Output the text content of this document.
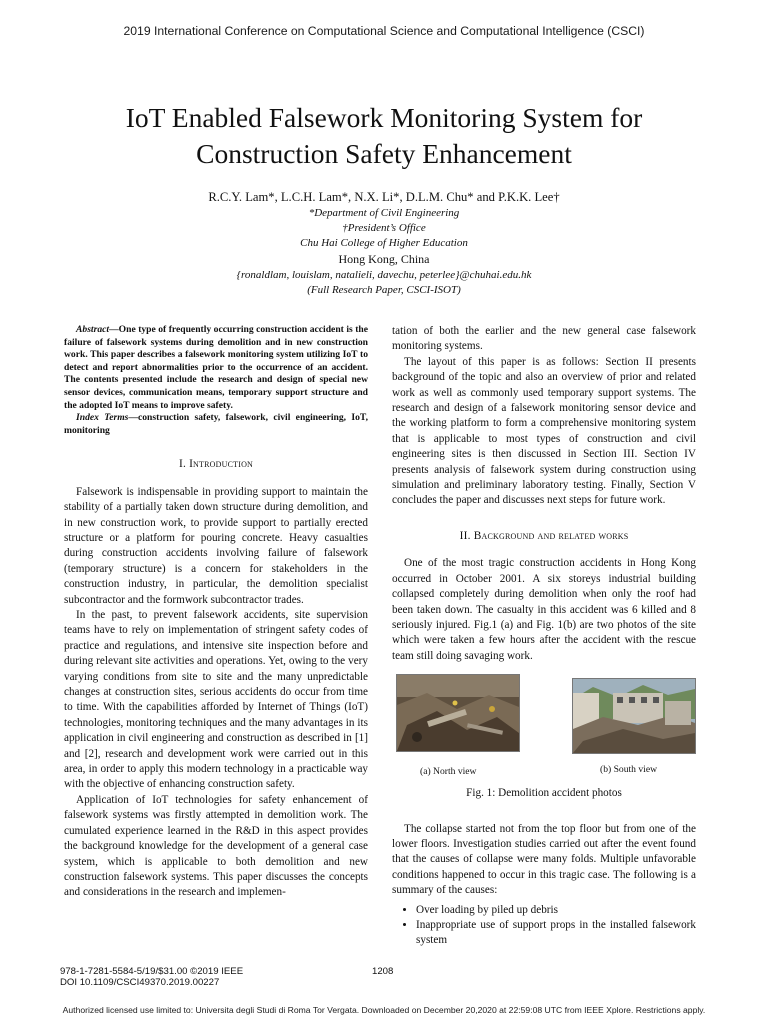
2019 International Conference on Computational Science and Computational Intelligence (CSCI)
IoT Enabled Falsework Monitoring System for
Construction Safety Enhancement
R.C.Y. Lam*, L.C.H. Lam*, N.X. Li*, D.L.M. Chu* and P.K.K. Lee†
*Department of Civil Engineering
†President’s Office
Chu Hai College of Higher Education
Hong Kong, China
{ronaldlam, louislam, natalieli, davechu, peterlee}@chuhai.edu.hk
(Full Research Paper, CSCI-ISOT)

Abstract—One type of frequently occurring construction accident is the failure of falsework systems during demolition and in new construction work. This paper describes a falsework monitoring system utilizing IoT to detect and report abnormalities prior to the occurrence of an accident. The contents presented include the research and design of special new sensor devices, communication means, temporary support structure and the adopted IoT means to improve safety.

Index Terms—construction safety, falsework, civil engineering, IoT, monitoring

I. Introduction

Falsework is indispensable in providing support to maintain the stability of a partially taken down structure during demolition, and in new construction work, to provide support to partially erected structure or a platform for pouring concrete. Heavy casualties during construction accidents involving failure of falsework (temporary structure) is a concern for stakeholders in the construction industry, in particular, the demolition specialist subcontractor and the formwork subcontractor trades.

In the past, to prevent falsework accidents, site supervision teams have to rely on implementation of stringent safety codes of practice and regulations, and intensive site inspection before and during relevant site activities and operations. Yet, owing to the very varying conditions from site to site and the many unpredictable changes at construction sites, serious accidents do occur from time to time. With the capabilities afforded by Internet of Things (IoT) technologies, monitoring techniques and the many advantages in its application in civil engineering and construction as described in [1] and [2], research and development work were carried out in this area, in order to apply this modern technology in a practicable way with the objective of enhancing construction safety.

Application of IoT technologies for safety enhancement of falsework systems was firstly attempted in demolition work. The cumulated experience learned in the R&D in this aspect provides the background knowledge for the development of a general case system, which is applicable to both demolition and new construction falsework systems. This paper discusses the concepts and considerations in the research and implemen-

tation of both the earlier and the new general case falsework monitoring systems.

The layout of this paper is as follows: Section II presents background of the topic and also an overview of prior and related work as well as commonly used temporary support systems. The research and design of a falsework monitoring sensor device and the working platform to form a comprehensive monitoring system that is applicable to most types of construction and civil engineering sites is then discussed in Section III. Section IV presents analysis of falsework system during construction using simulation and preliminary laboratory testing. Finally, Section V concludes the paper and discusses next steps for future work.

II. Background and related works

One of the most tragic construction accidents in Hong Kong occurred in October 2001. A six storeys industrial building collapsed completely during demolition when only the roof had been taken down. The casualty in this accident was 6 killed and 8 seriously injured. Fig.1 (a) and Fig. 1(b) are two photos of the site which were taken a few hours after the accident with the rescue team still doing savaging work.

(a) North view	(b) South view
Fig. 1: Demolition accident photos

The collapse started not from the top floor but from one of the lower floors. Investigation studies carried out after the event found that the causes of collapse were many folds. Multiple unfavorable conditions happened to occur in this tragic case. The following is a summary of the causes:

• Over loading by piled up debris
• Inappropriate use of support props in the installed falsework system
978-1-7281-5584-5/19/$31.00 ©2019 IEEE
DOI 10.1109/CSCI49370.2019.00227
1208
Authorized licensed use limited to: Universita degli Studi di Roma Tor Vergata. Downloaded on December 20,2020 at 22:59:08 UTC from IEEE Xplore. Restrictions apply.
